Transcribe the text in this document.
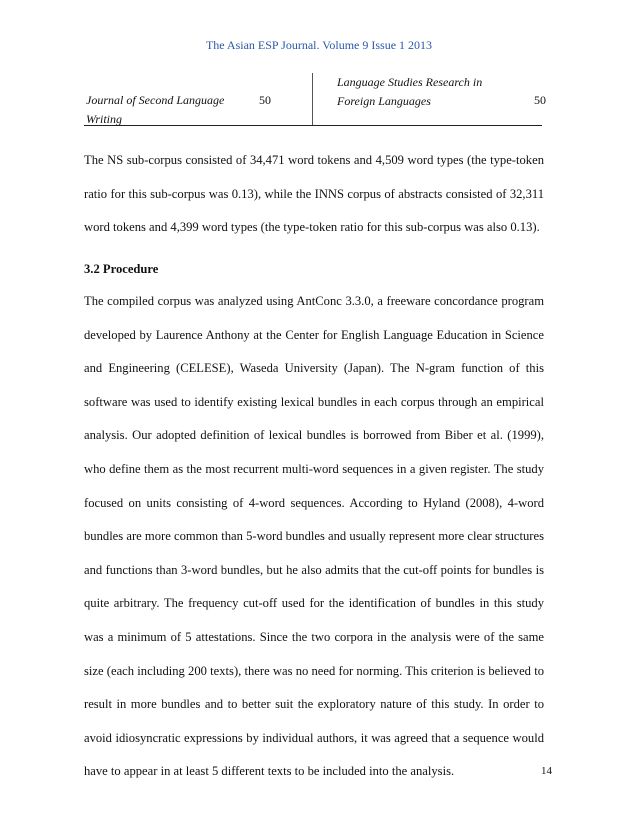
The Asian ESP Journal. Volume 9 Issue 1 2013
Journal of Second Language Writing
50
Language Studies Research in Foreign Languages	50
The NS sub-corpus consisted of 34,471 word tokens and 4,509 word types (the type-token ratio for this sub-corpus was 0.13), while the INNS corpus of abstracts consisted of 32,311 word tokens and 4,399 word types (the type-token ratio for this sub-corpus was also 0.13).
3.2 Procedure
The compiled corpus was analyzed using AntConc 3.3.0, a freeware concordance program developed by Laurence Anthony at the Center for English Language Education in Science and Engineering (CELESE), Waseda University (Japan). The N-gram function of this software was used to identify existing lexical bundles in each corpus through an empirical analysis. Our adopted definition of lexical bundles is borrowed from Biber et al. (1999), who define them as the most recurrent multi-word sequences in a given register. The study focused on units consisting of 4-word sequences. According to Hyland (2008), 4-word bundles are more common than 5-word bundles and usually represent more clear structures and functions than 3-word bundles, but he also admits that the cut-off points for bundles is quite arbitrary. The frequency cut-off used for the identification of bundles in this study was a minimum of 5 attestations. Since the two corpora in the analysis were of the same size (each including 200 texts), there was no need for norming. This criterion is believed to result in more bundles and to better suit the exploratory nature of this study. In order to avoid idiosyncratic expressions by individual authors, it was agreed that a sequence would have to appear in at least 5 different texts to be included into the analysis.	14
